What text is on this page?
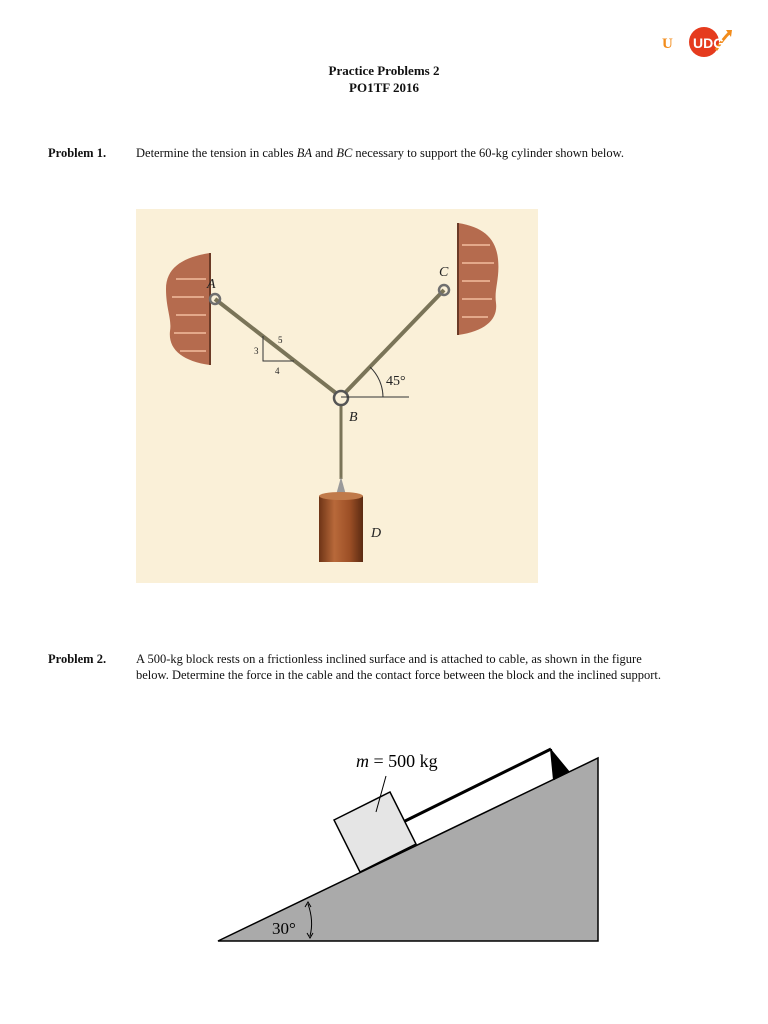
U UDG
Practice Problems 2
PO1TF 2016
Problem 1. Determine the tension in cables BA and BC necessary to support the 60-kg cylinder shown below.
3
4
5
45°
A
C
B
D
Problem 2. A 500-kg block rests on a frictionless inclined surface and is attached to cable, as shown in the figure below. Determine the force in the cable and the contact force between the block and the inclined support.
m = 500 kg
30°
